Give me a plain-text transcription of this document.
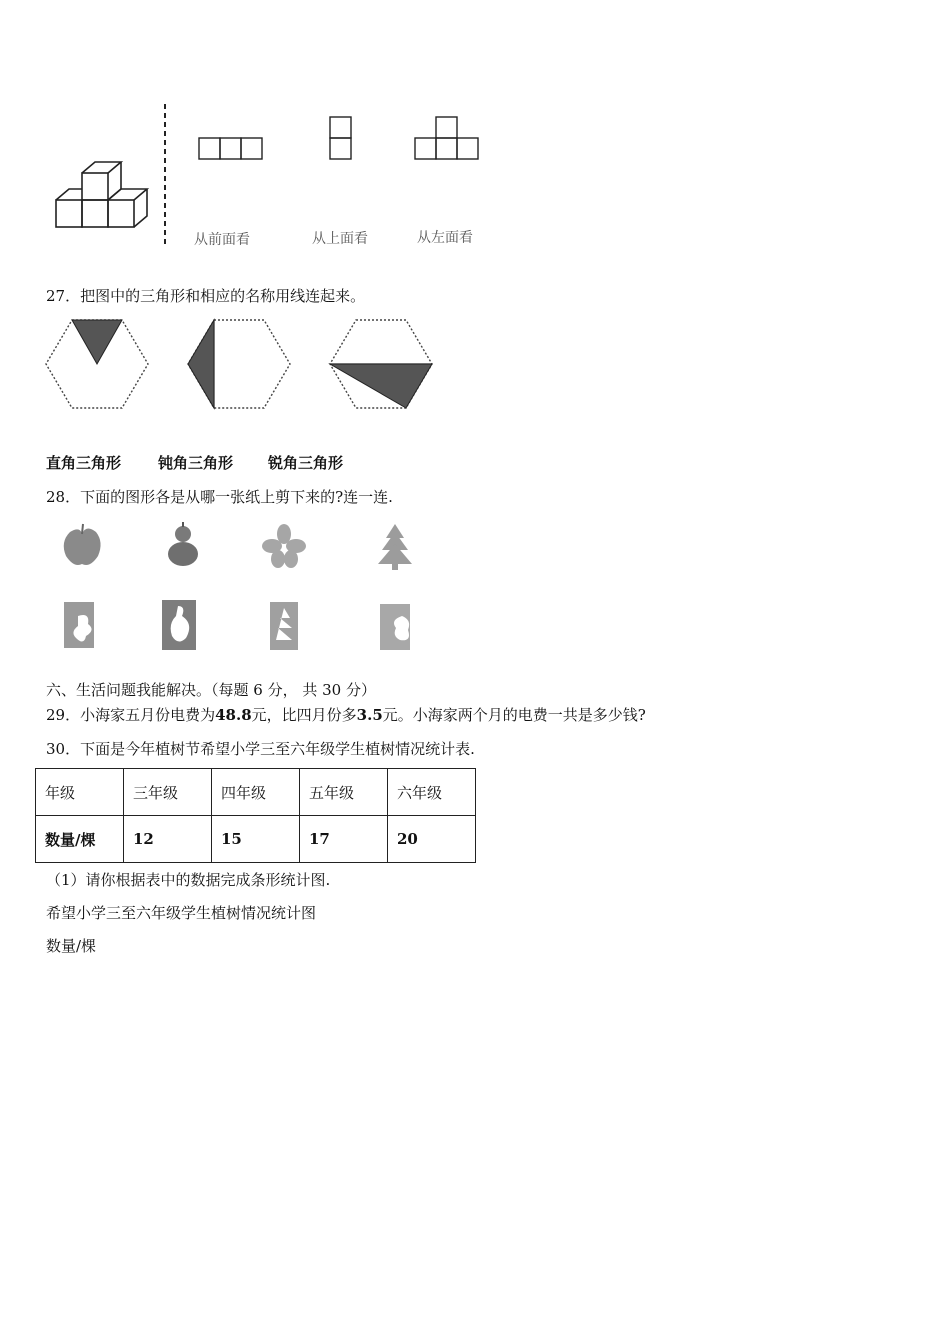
从前面看	从上面看	从左面看
27．把图中的三角形和相应的名称用线连起来。
直角三角形 钝角三角形 锐角三角形
28．下面的图形各是从哪一张纸上剪下来的?连一连.
六、生活问题我能解决。（每题 6 分， 共 30 分）
29．小海家五月份电费为48.8元，比四月份多3.5元。小海家两个月的电费一共是多少钱?
30．下面是今年植树节希望小学三至六年级学生植树情况统计表.
年级	三年级	四年级	五年级	六年级
数量/棵	12	15	17	20
（1）请你根据表中的数据完成条形统计图.
希望小学三至六年级学生植树情况统计图
数量/棵
